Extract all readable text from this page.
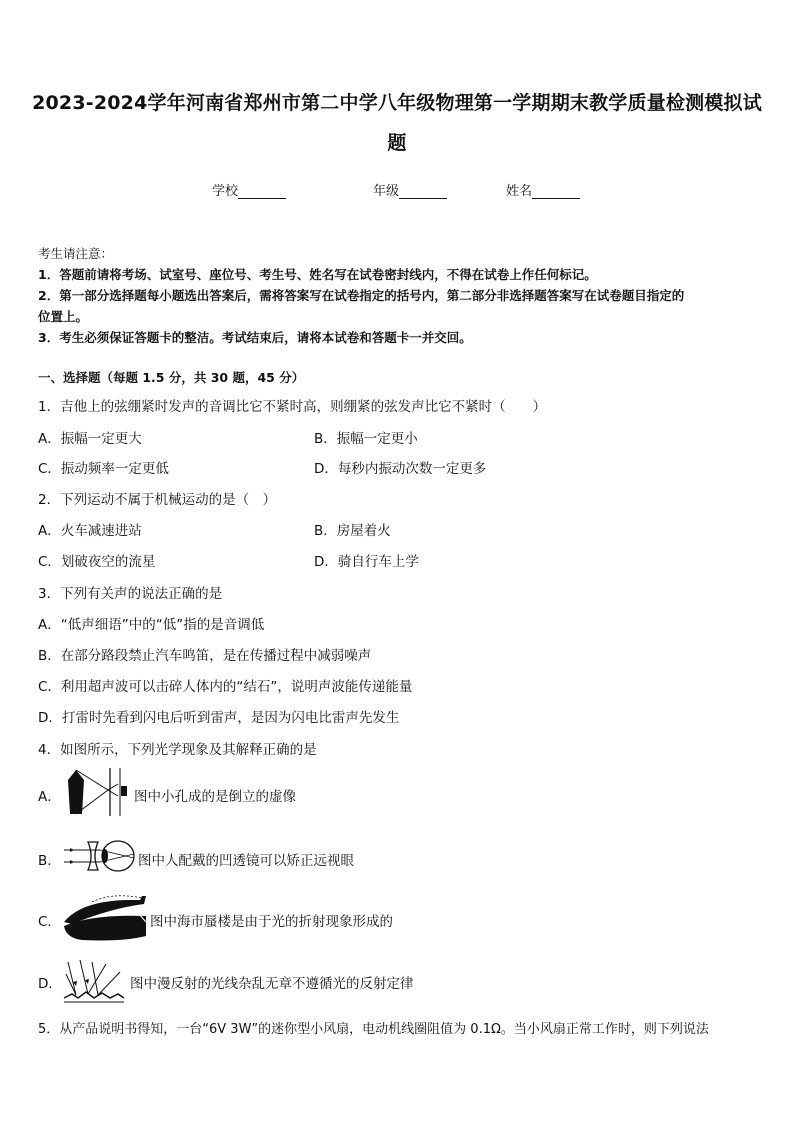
2023-2024学年河南省郑州市第二中学八年级物理第一学期期末教学质量检测模拟试
题
学校	年级	姓名

考生请注意：

1．答题前请将考场、试室号、座位号、考生号、姓名写在试卷密封线内，不得在试卷上作任何标记。

2．第一部分选择题每小题选出答案后，需将答案写在试卷指定的括号内，第二部分非选择题答案写在试卷题目指定的

位置上。

3．考生必须保证答题卡的整洁。考试结束后，请将本试卷和答题卡一并交回。

一、选择题（每题 1.5 分，共 30 题，45 分）
1．吉他上的弦绷紧时发声的音调比它不紧时高，则绷紧的弦发声比它不紧时（　　）
A．振幅一定更大	B．振幅一定更小
C．振动频率一定更低	D．每秒内振动次数一定更多
2．下列运动不属于机械运动的是（　）
A．火车减速进站	B．房屋着火
C．划破夜空的流星	D．骑自行车上学
3．下列有关声的说法正确的是
A．“低声细语”中的“低”指的是音调低
B．在部分路段禁止汽车鸣笛，是在传播过程中减弱噪声
C．利用超声波可以击碎人体内的“结石”，说明声波能传递能量
D．打雷时先看到闪电后听到雷声，是因为闪电比雷声先发生
4．如图所示，下列光学现象及其解释正确的是
A．	图中小孔成的是倒立的虚像
B．	图中人配戴的凹透镜可以矫正远视眼
C．	图中海市蜃楼是由于光的折射现象形成的
D．	图中漫反射的光线杂乱无章不遵循光的反射定律
5．从产品说明书得知，一台“6V 3W”的迷你型小风扇，电动机线圈阻值为 0.1Ω。当小风扇正常工作时，则下列说法
